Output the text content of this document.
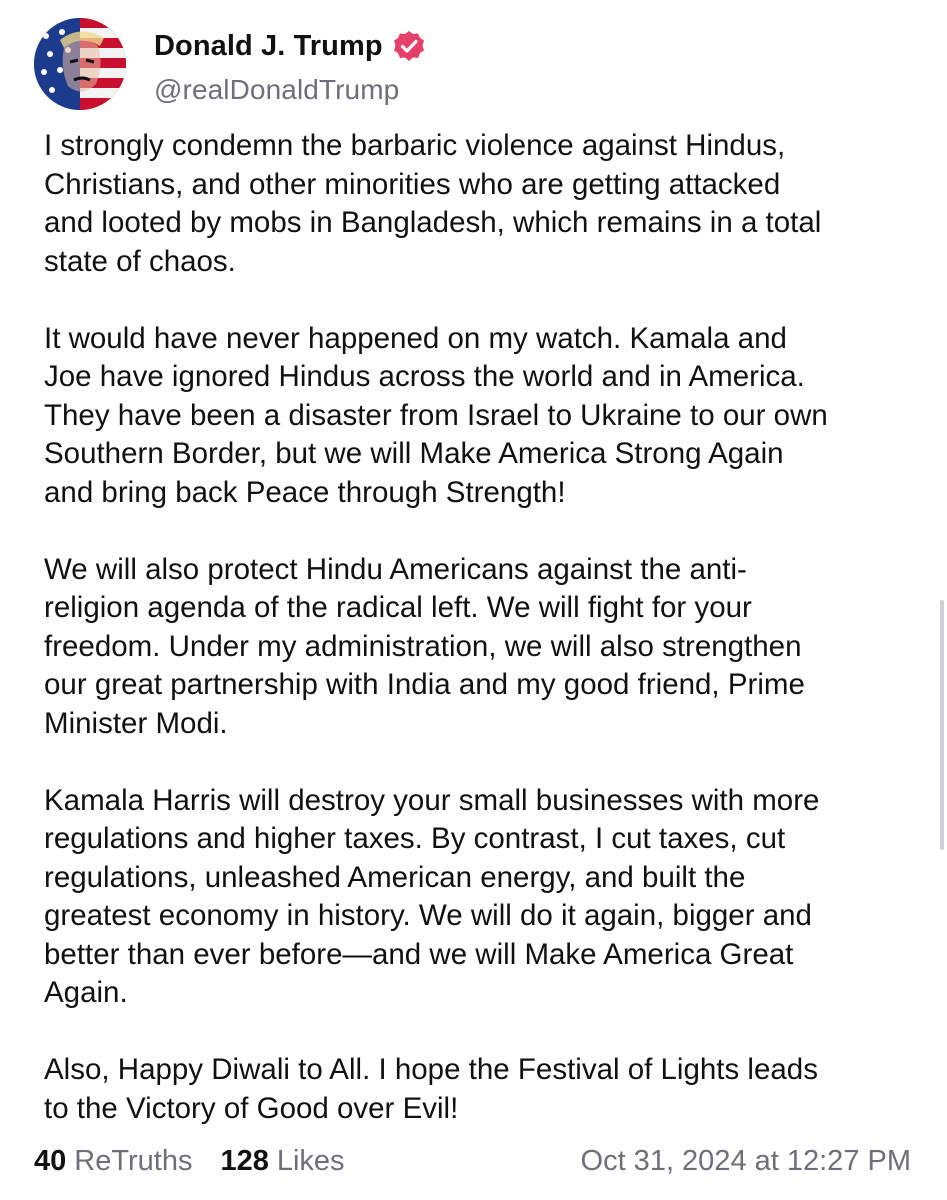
Donald J. Trump
@realDonaldTrump

I strongly condemn the barbaric violence against Hindus,
Christians, and other minorities who are getting attacked
and looted by mobs in Bangladesh, which remains in a total
state of chaos.

It would have never happened on my watch. Kamala and
Joe have ignored Hindus across the world and in America.
They have been a disaster from Israel to Ukraine to our own
Southern Border, but we will Make America Strong Again
and bring back Peace through Strength!

We will also protect Hindu Americans against the anti-
religion agenda of the radical left. We will fight for your
freedom. Under my administration, we will also strengthen
our great partnership with India and my good friend, Prime
Minister Modi.

Kamala Harris will destroy your small businesses with more
regulations and higher taxes. By contrast, I cut taxes, cut
regulations, unleashed American energy, and built the
greatest economy in history. We will do it again, bigger and
better than ever before—and we will Make America Great
Again.

Also, Happy Diwali to All. I hope the Festival of Lights leads
to the Victory of Good over Evil!

40 ReTruths 128 Likes	Oct 31, 2024 at 12:27 PM
